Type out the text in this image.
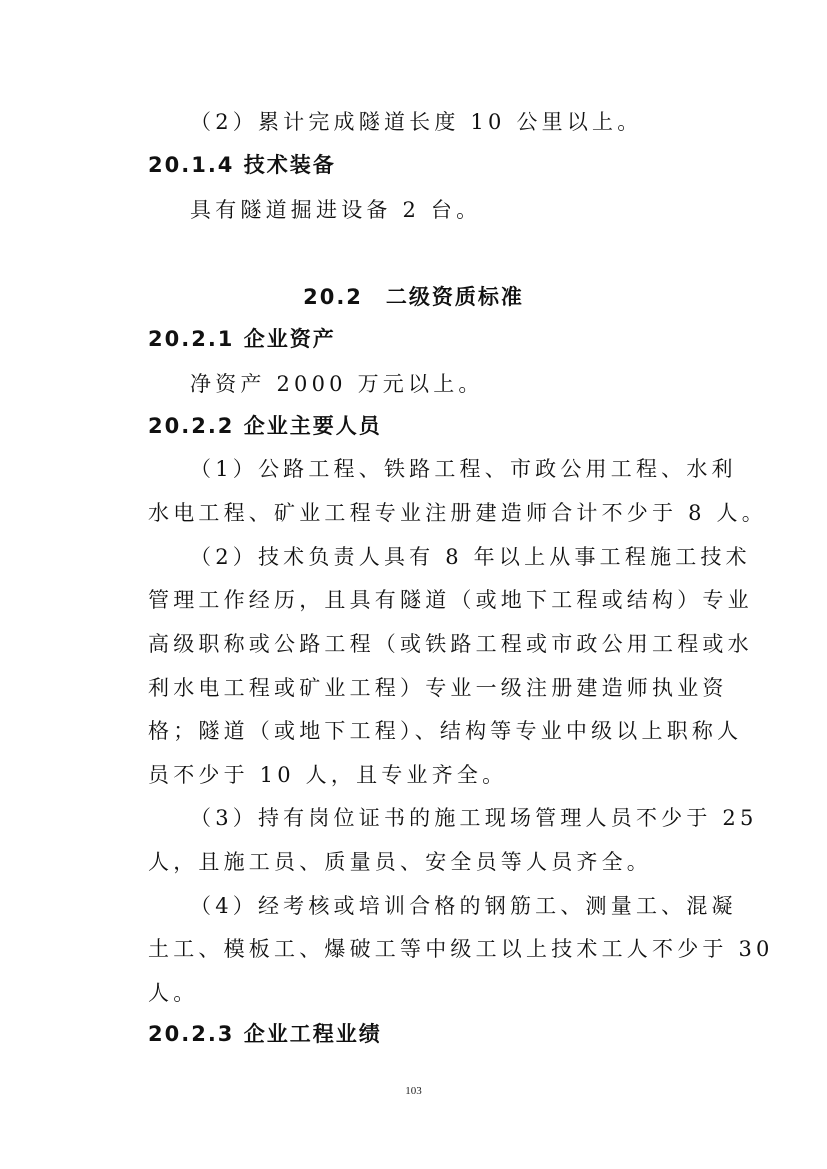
（2）累计完成隧道长度 10 公里以上。
20.1.4 技术装备
具有隧道掘进设备 2 台。
20.2　二级资质标准
20.2.1 企业资产
净资产 2000 万元以上。
20.2.2 企业主要人员
（1）公路工程、铁路工程、市政公用工程、水利
水电工程、矿业工程专业注册建造师合计不少于 8 人。
（2）技术负责人具有 8 年以上从事工程施工技术
管理工作经历，且具有隧道（或地下工程或结构）专业
高级职称或公路工程（或铁路工程或市政公用工程或水
利水电工程或矿业工程）专业一级注册建造师执业资
格；隧道（或地下工程）、结构等专业中级以上职称人
员不少于 10 人，且专业齐全。
（3）持有岗位证书的施工现场管理人员不少于 25
人，且施工员、质量员、安全员等人员齐全。
（4）经考核或培训合格的钢筋工、测量工、混凝
土工、模板工、爆破工等中级工以上技术工人不少于 30
人。
20.2.3 企业工程业绩
103
